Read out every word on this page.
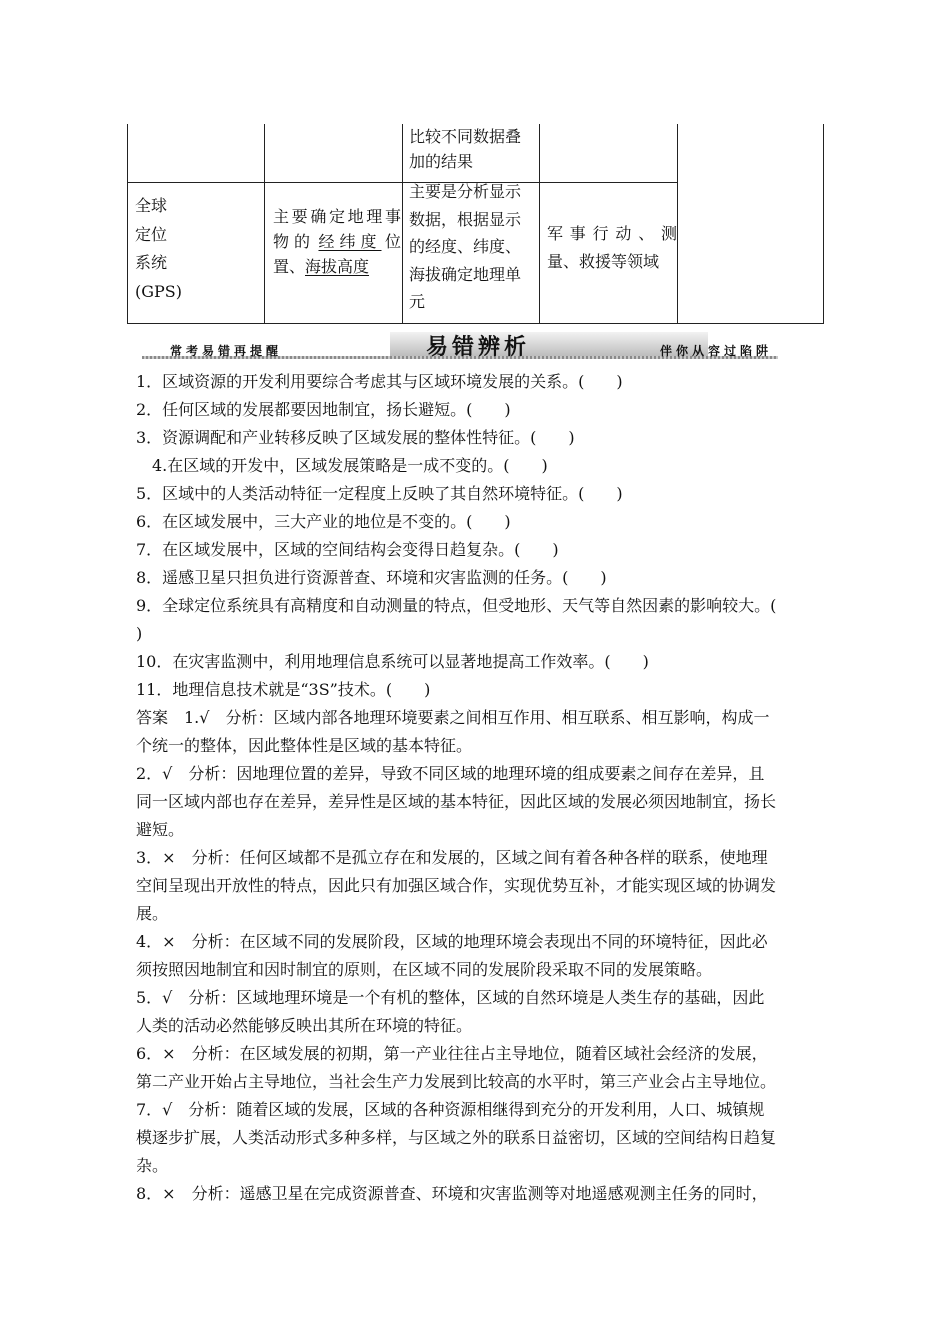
比较不同数据叠
加的结果
全球
定位
系统
(GPS)
主 要 确 定 地 理 事
物的 经纬度 位
置、海拔高度
主要是分析显示
数据，根据显示
的经度、纬度、
海拔确定地理单
元
军 事 行 动 、 测
量、救援等领域
常考易错再提醒	易错辨析	伴你从容过陷阱
1．区域资源的开发利用要综合考虑其与区域环境发展的关系。(　　)
2．任何区域的发展都要因地制宜，扬长避短。(　　)
3．资源调配和产业转移反映了区域发展的整体性特征。(　　)
4.在区域的开发中，区域发展策略是一成不变的。(　　)
5．区域中的人类活动特征一定程度上反映了其自然环境特征。(　　)
6．在区域发展中，三大产业的地位是不变的。(　　)
7．在区域发展中，区域的空间结构会变得日趋复杂。(　　)
8．遥感卫星只担负进行资源普查、环境和灾害监测的任务。(　　)
9．全球定位系统具有高精度和自动测量的特点，但受地形、天气等自然因素的影响较大。(
)
10．在灾害监测中，利用地理信息系统可以显著地提高工作效率。(　　)
11．地理信息技术就是“3S”技术。(　　)
答案　1.√　分析：区域内部各地理环境要素之间相互作用、相互联系、相互影响，构成一
个统一的整体，因此整体性是区域的基本特征。
2．√　分析：因地理位置的差异，导致不同区域的地理环境的组成要素之间存在差异，且
同一区域内部也存在差异，差异性是区域的基本特征，因此区域的发展必须因地制宜，扬长
避短。
3．×　分析：任何区域都不是孤立存在和发展的，区域之间有着各种各样的联系，使地理
空间呈现出开放性的特点，因此只有加强区域合作，实现优势互补，才能实现区域的协调发
展。
4．×　分析：在区域不同的发展阶段，区域的地理环境会表现出不同的环境特征，因此必
须按照因地制宜和因时制宜的原则，在区域不同的发展阶段采取不同的发展策略。
5．√　分析：区域地理环境是一个有机的整体，区域的自然环境是人类生存的基础，因此
人类的活动必然能够反映出其所在环境的特征。
6．×　分析：在区域发展的初期，第一产业往往占主导地位，随着区域社会经济的发展，
第二产业开始占主导地位，当社会生产力发展到比较高的水平时，第三产业会占主导地位。
7．√　分析：随着区域的发展，区域的各种资源相继得到充分的开发利用，人口、城镇规
模逐步扩展，人类活动形式多种多样，与区域之外的联系日益密切，区域的空间结构日趋复
杂。
8．×　分析：遥感卫星在完成资源普查、环境和灾害监测等对地遥感观测主任务的同时，
